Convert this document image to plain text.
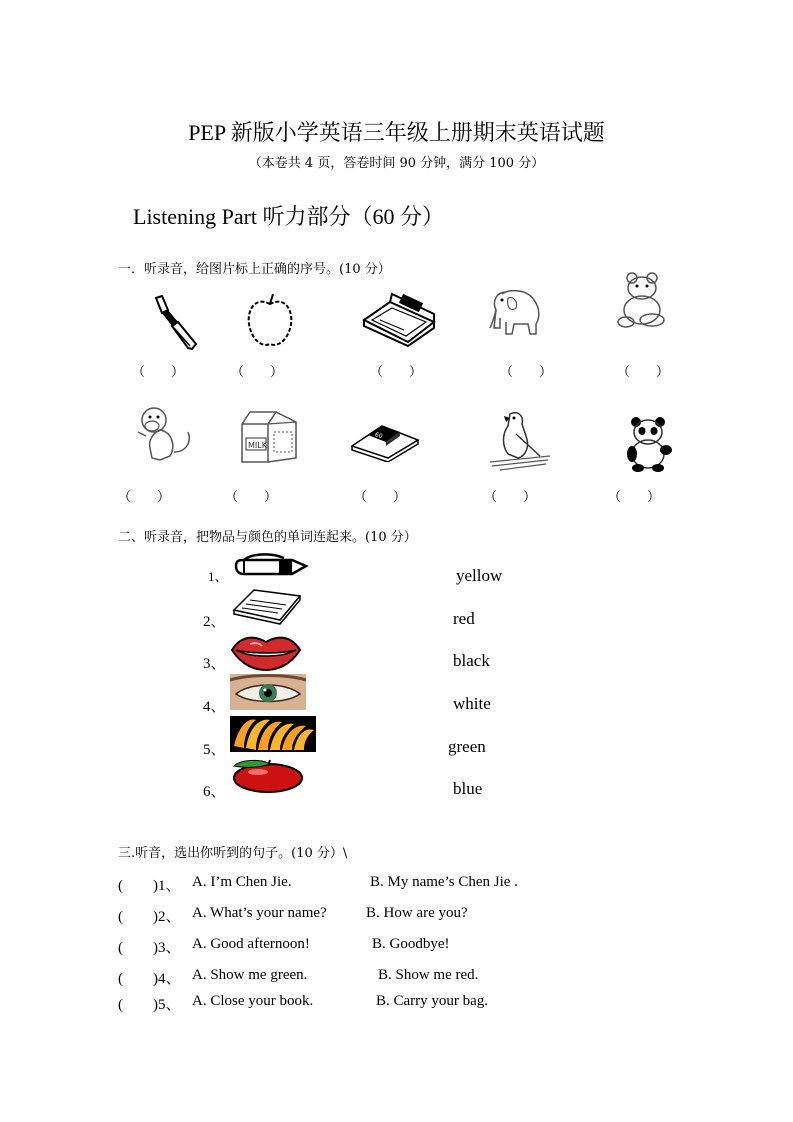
PEP 新版小学英语三年级上册期末英语试题
（本卷共 4 页，答卷时间 90 分钟，满分 100 分）
Listening Part 听力部分（60 分）
一．听录音，给图片标上正确的序号。(10 分）
（　　）	（　　）	（　　）	（　　）	（　　）
MILK
60
（　　）	（　　）	（　　）	（　　）	（　　）
二、听录音，把物品与颜色的单词连起来。(10 分）
1、
2、
3、
4、
5、
6、
yellow
red
black
white
green
blue
三.听音，选出你听到的句子。(10 分）\
(　　)1、 A. I’m Chen Jie.	B. My name’s Chen Jie .
(　　)2、 A. What’s your name?	B. How are you?
(　　)3、 A. Good afternoon!	B. Goodbye!
(　　)4、 A. Show me green.	B. Show me red.
(　　)5、 A. Close your book.	B. Carry your bag.
